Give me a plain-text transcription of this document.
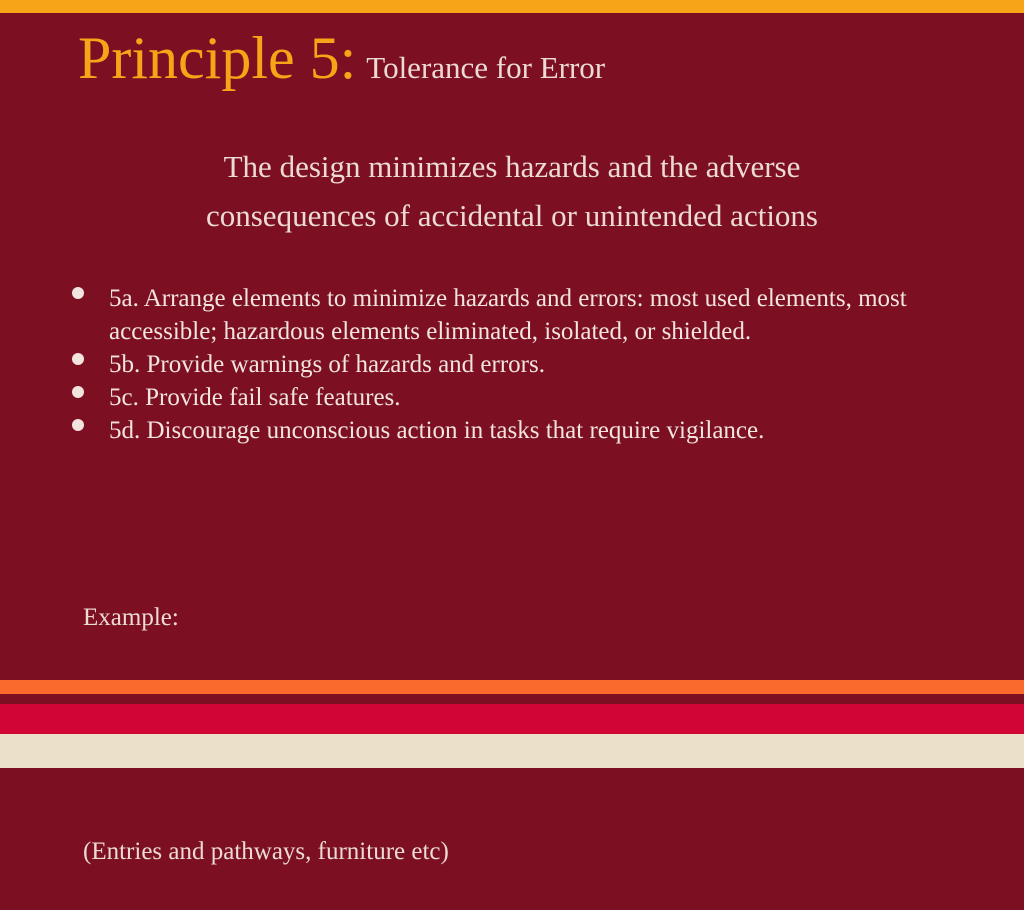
Principle 5: Tolerance for Error
The design minimizes hazards and the adverse
consequences of accidental or unintended actions
5a. Arrange elements to minimize hazards and errors: most used elements, most accessible; hazardous elements eliminated, isolated, or shielded.
5b. Provide warnings of hazards and errors.
5c. Provide fail safe features.
5d. Discourage unconscious action in tasks that require vigilance.

Example:

(Entries and pathways, furniture etc)
